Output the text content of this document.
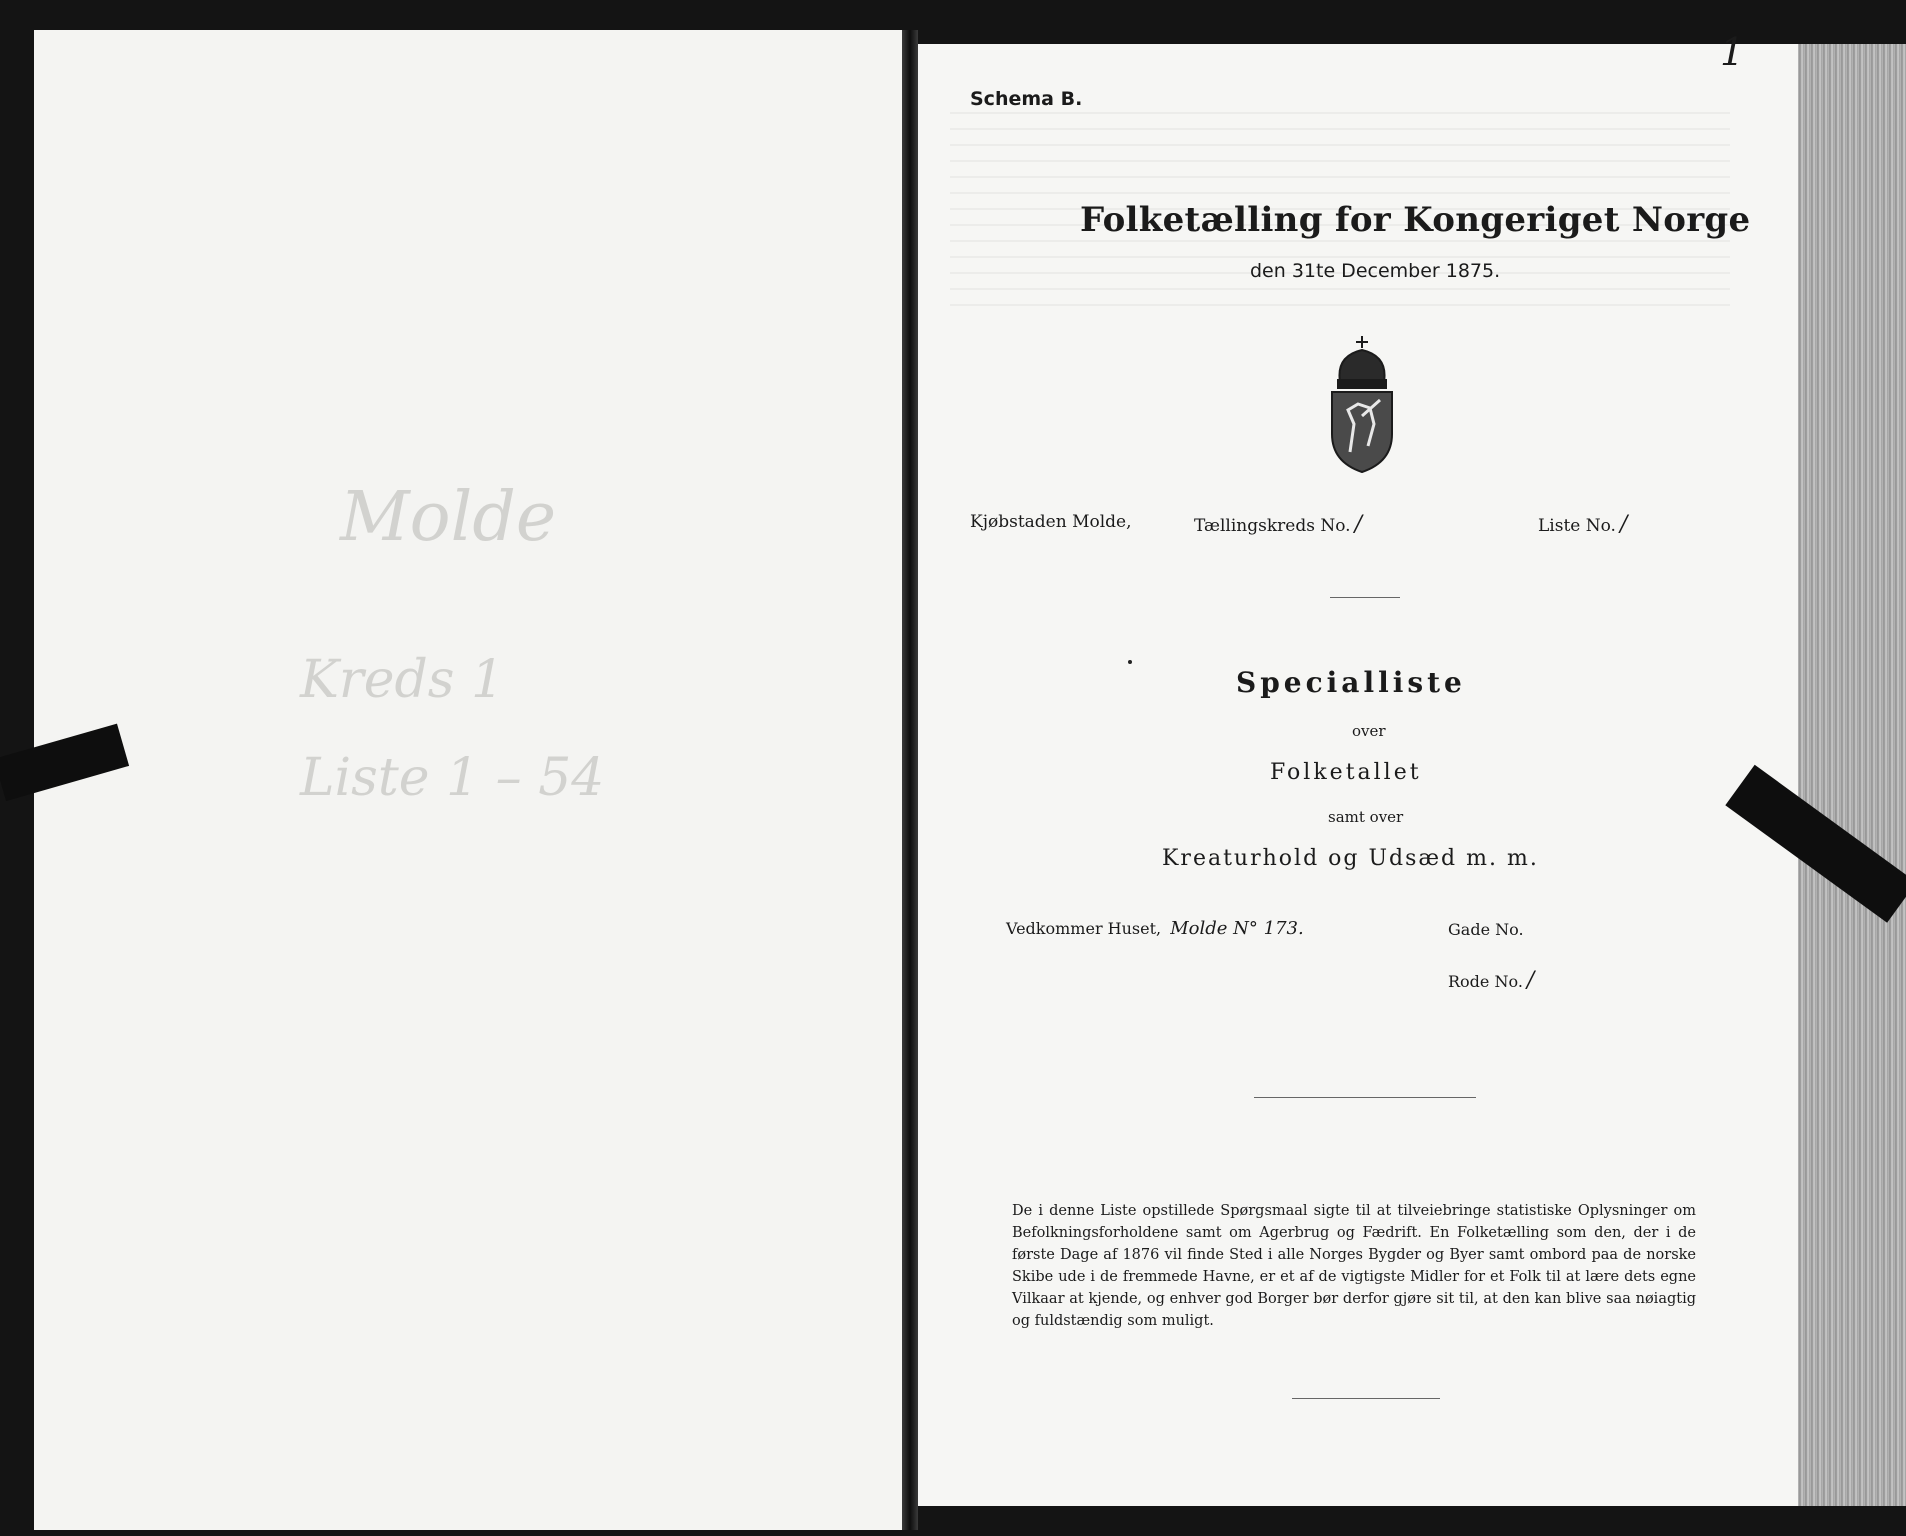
Molde
Kreds 1
Liste 1 – 54
Schema B.
1
Folketælling for Kongeriget Norge
den 31te December 1875.
Kjøbstaden Molde,	Tællingskreds No. /	Liste No. /
Specialliste
over
Folketallet
samt over
Kreaturhold og Udsæd m. m.
Vedkommer Huset, Molde N° 173.	Gade No.
Rode No. /
De i denne Liste opstillede Spørgsmaal sigte til at tilveiebringe statistiske Oplysninger om Befolkningsforholdene samt om Agerbrug og Fædrift. En Folketælling som den, der i de første Dage af 1876 vil finde Sted i alle Norges Bygder og Byer samt ombord paa de norske Skibe ude i de fremmede Havne, er et af de vigtigste Midler for et Folk til at lære dets egne Vilkaar at kjende, og enhver god Borger bør derfor gjøre sit til, at den kan blive saa nøiagtig og fuldstændig som muligt.
